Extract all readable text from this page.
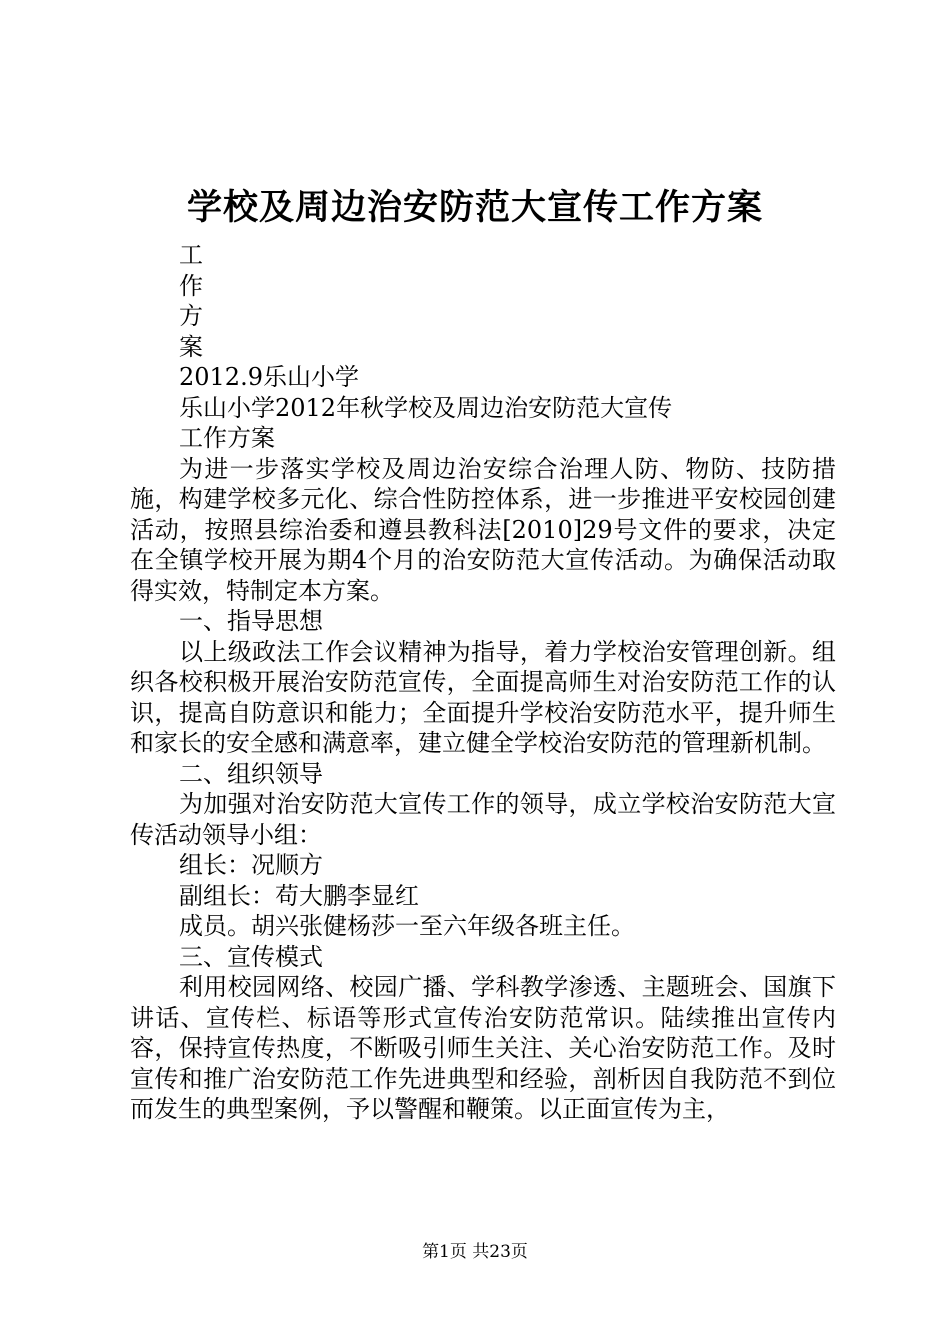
学校及周边治安防范大宣传工作方案
工
作
方
案
2012.9乐山小学
乐山小学2012年秋学校及周边治安防范大宣传
工作方案

为进一步落实学校及周边治安综合治理人防、物防、技防措施，构建学校多元化、综合性防控体系，进一步推进平安校园创建活动，按照县综治委和遵县教科法[2010]29号文件的要求，决定在全镇学校开展为期4个月的治安防范大宣传活动。为确保活动取得实效，特制定本方案。

一、指导思想

以上级政法工作会议精神为指导，着力学校治安管理创新。组织各校积极开展治安防范宣传，全面提高师生对治安防范工作的认识，提高自防意识和能力；全面提升学校治安防范水平，提升师生和家长的安全感和满意率，建立健全学校治安防范的管理新机制。

二、组织领导

为加强对治安防范大宣传工作的领导，成立学校治安防范大宣传活动领导小组：

组长：况顺方
副组长：苟大鹏李显红
成员。胡兴张健杨莎一至六年级各班主任。
三、宣传模式

利用校园网络、校园广播、学科教学渗透、主题班会、国旗下讲话、宣传栏、标语等形式宣传治安防范常识。陆续推出宣传内容，保持宣传热度，不断吸引师生关注、关心治安防范工作。及时宣传和推广治安防范工作先进典型和经验，剖析因自我防范不到位而发生的典型案例，予以警醒和鞭策。以正面宣传为主，

第1页 共23页
